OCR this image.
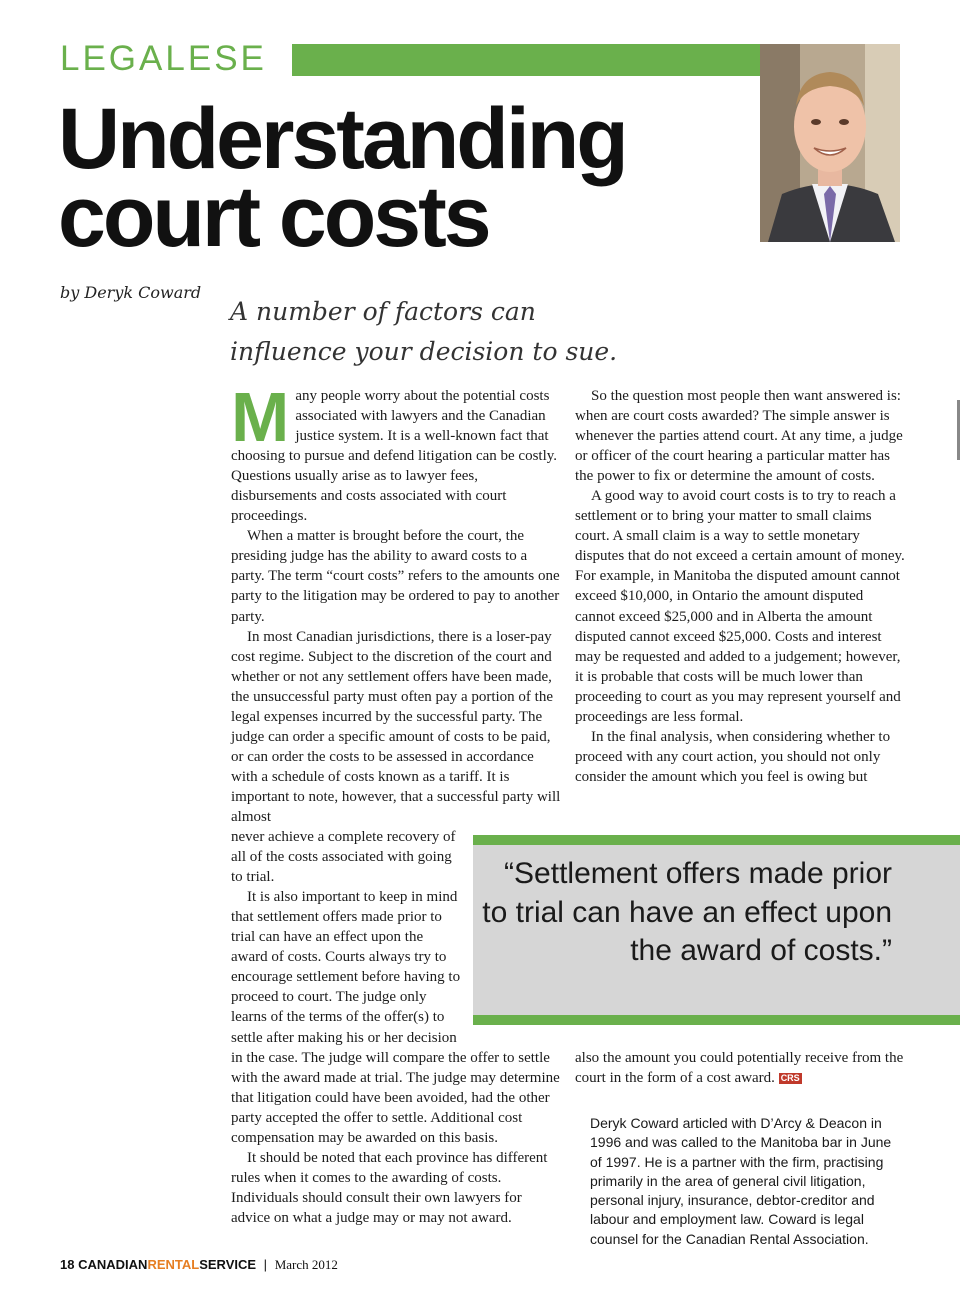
LEGALESE
Understanding
court costs
by Deryk Coward
A number of factors can influence your decision to sue.

Many people worry about the potential costs associated with lawyers and the Canadian justice system. It is a well-known fact that choosing to pursue and defend litigation can be costly. Questions usually arise as to lawyer fees, disbursements and costs associated with court proceedings.

When a matter is brought before the court, the presiding judge has the ability to award costs to a party. The term “court costs” refers to the amounts one party to the litigation may be ordered to pay to another party.

In most Canadian jurisdictions, there is a loser-pay cost regime. Subject to the discretion of the court and whether or not any settlement offers have been made, the unsuccessful party must often pay a portion of the legal expenses incurred by the successful party. The judge can order a specific amount of costs to be paid, or can order the costs to be assessed in accordance with a schedule of costs known as a tariff. It is important to note, however, that a successful party will almost

never achieve a complete recovery of all of the costs associated with going to trial.

It is also important to keep in mind that settlement offers made prior to trial can have an effect upon the award of costs. Courts always try to encourage settlement before having to proceed to court. The judge only learns of the terms of the offer(s) to settle after making his or her decision

in the case. The judge will compare the offer to settle with the award made at trial. The judge may determine that litigation could have been avoided, had the other party accepted the offer to settle. Additional cost compensation may be awarded on this basis.

It should be noted that each province has different rules when it comes to the awarding of costs. Individuals should consult their own lawyers for advice on what a judge may or may not award.

So the question most people then want answered is: when are court costs awarded? The simple answer is whenever the parties attend court. At any time, a judge or officer of the court hearing a particular matter has the power to fix or determine the amount of costs.

A good way to avoid court costs is to try to reach a settlement or to bring your matter to small claims court. A small claim is a way to settle monetary disputes that do not exceed a certain amount of money. For example, in Manitoba the disputed amount cannot exceed $10,000, in Ontario the amount disputed cannot exceed $25,000 and in Alberta the amount disputed cannot exceed $25,000. Costs and interest may be requested and added to a judgement; however, it is probable that costs will be much lower than proceeding to court as you may represent yourself and proceedings are less formal.

In the final analysis, when considering whether to proceed with any court action, you should not only consider the amount which you feel is owing but

“Settlement offers made prior to trial can have an effect upon the award of costs.”

also the amount you could potentially receive from the court in the form of a cost award. CRS

Deryk Coward articled with D’Arcy & Deacon in 1996 and was called to the Manitoba bar in June of 1997. He is a partner with the firm, practising primarily in the area of general civil litigation, personal injury, insurance, debtor-creditor and labour and employment law. Coward is legal counsel for the Canadian Rental Association.
18 CANADIANRENTALSERVICE | March 2012
